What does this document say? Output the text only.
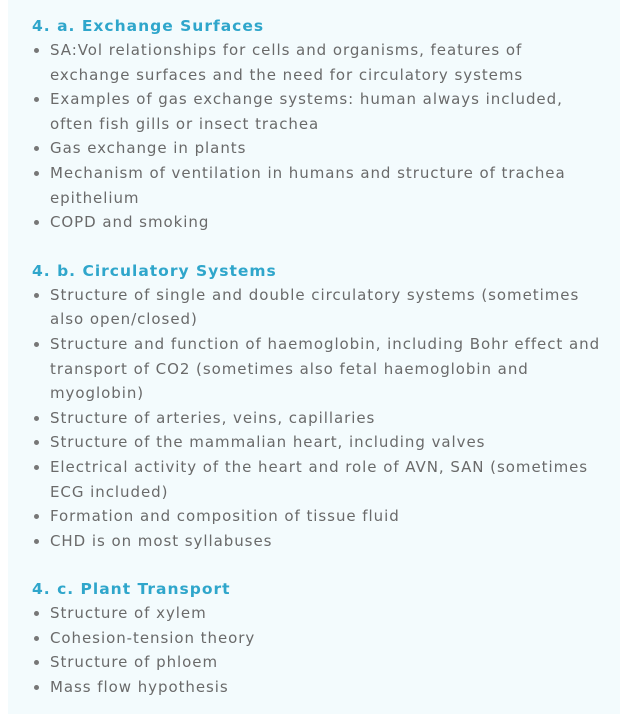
4. a. Exchange Surfaces
SA:Vol relationships for cells and organisms, features of exchange surfaces and the need for circulatory systems
Examples of gas exchange systems: human always included, often fish gills or insect trachea
Gas exchange in plants
Mechanism of ventilation in humans and structure of trachea epithelium
COPD and smoking
4. b. Circulatory Systems
Structure of single and double circulatory systems (sometimes also open/closed)
Structure and function of haemoglobin, including Bohr effect and transport of CO2 (sometimes also fetal haemoglobin and myoglobin)
Structure of arteries, veins, capillaries
Structure of the mammalian heart, including valves
Electrical activity of the heart and role of AVN, SAN (sometimes ECG included)
Formation and composition of tissue fluid
CHD is on most syllabuses
4. c. Plant Transport
Structure of xylem
Cohesion-tension theory
Structure of phloem
Mass flow hypothesis
